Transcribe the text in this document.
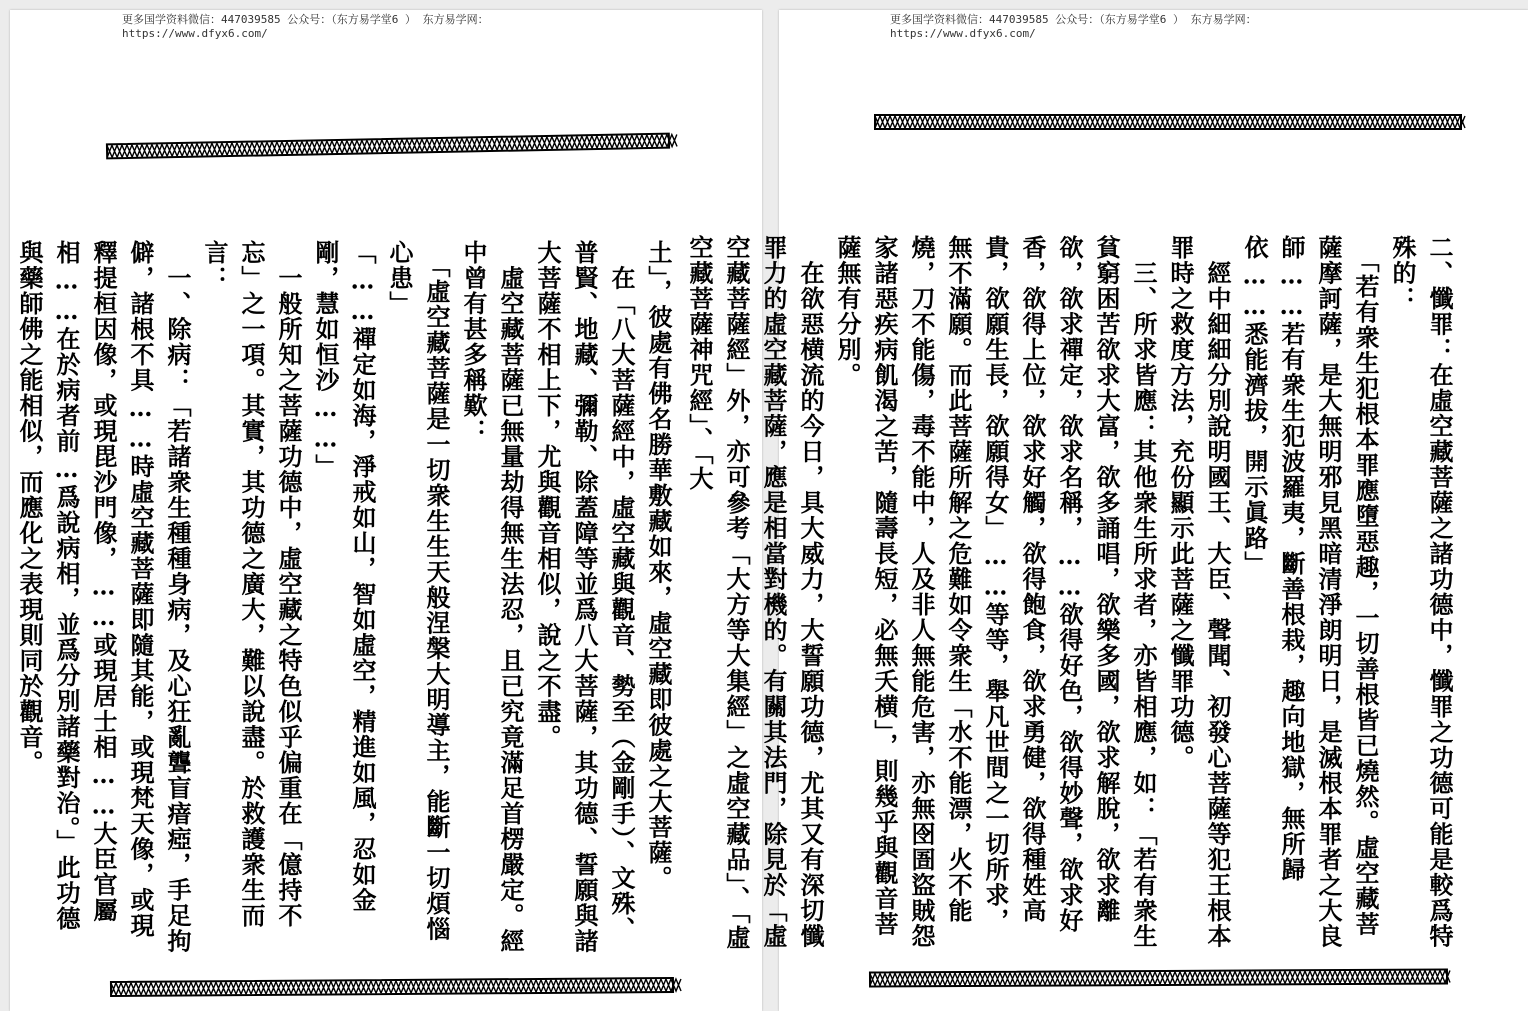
更多国学资料微信：447039585 公众号：（东方易学堂6 ） 东方易学网：
https://www.dfyx6.com/

土」，彼處有佛名勝華敷藏如來，虛空藏即彼處之大菩薩。

　在「八大菩薩經中，虛空藏與觀音、勢至（金剛手）、文殊、普賢、地藏、彌勒、除蓋障等並爲八大菩薩，其功德、誓願與諸大菩薩不相上下，尤與觀音相似，說之不盡。

　虛空藏菩薩已無量劫得無生法忍，且已究竟滿足首楞嚴定。經中曾有甚多稱歎：

　「虛空藏菩薩是一切衆生生天般涅槃大明導主，能斷一切煩惱心患」

「……禪定如海，淨戒如山，智如虛空，精進如風，忍如金剛，慧如恒沙……」

　一般所知之菩薩功德中，虛空藏之特色似乎偏重在「億持不忘」之一項。其實，其功德之廣大，難以說盡。於救護衆生而言：

　一、除病：「若諸衆生種種身病，及心狂亂聾盲瘖瘂，手足拘僻，諸根不具……時虛空藏菩薩即隨其能，或現梵天像，或現釋提桓因像，或現毘沙門像，……或現居士相……大臣官屬相……在於病者前…爲說病相，並爲分別諸藥對治。」此功德與藥師佛之能相似，而應化之表現則同於觀音。

更多国学资料微信：447039585 公众号：（东方易学堂6 ） 东方易学网：
https://www.dfyx6.com/

二、懺罪：在虛空藏菩薩之諸功德中，懺罪之功德可能是較爲特殊的：

　「若有衆生犯根本罪應墮惡趣，一切善根皆已燒然。虛空藏菩薩摩訶薩，是大無明邪見黑暗清淨朗明日，是滅根本罪者之大良師……若有衆生犯波羅夷，斷善根栽，趣向地獄，無所歸依……悉能濟拔，開示眞路」

　經中細細分別說明國王、大臣、聲聞、初發心菩薩等犯王根本罪時之救度方法，充份顯示此菩薩之懺罪功德。

　三、所求皆應：其他衆生所求者，亦皆相應，如：「若有衆生貧窮困苦欲求大富，欲多誦唱，欲樂多國，欲求解脫，欲求離欲，欲求禪定，欲求名稱，……欲得好色，欲得妙聲，欲求好香，欲得上位，欲求好觸，欲得飽食，欲求勇健，欲得種姓高貴，欲願生長，欲願得女」……等等，舉凡世間之一切所求，無不滿願。而此菩薩所解之危難如令衆生「水不能漂，火不能燒，刀不能傷，毒不能中，人及非人無能危害，亦無囹圄盜賊怨家諸惡疾病飢渴之苦，隨壽長短，必無夭横」，則幾乎與觀音菩薩無有分別。

　在欲惡横流的今日，具大威力，大誓願功德，尤其又有深切懺罪力的虛空藏菩薩，應是相當對機的。有關其法門，除見於「虛空藏菩薩經」外，亦可參考「大方等大集經」之虛空藏品」、「虛空藏菩薩神咒經」、「大
